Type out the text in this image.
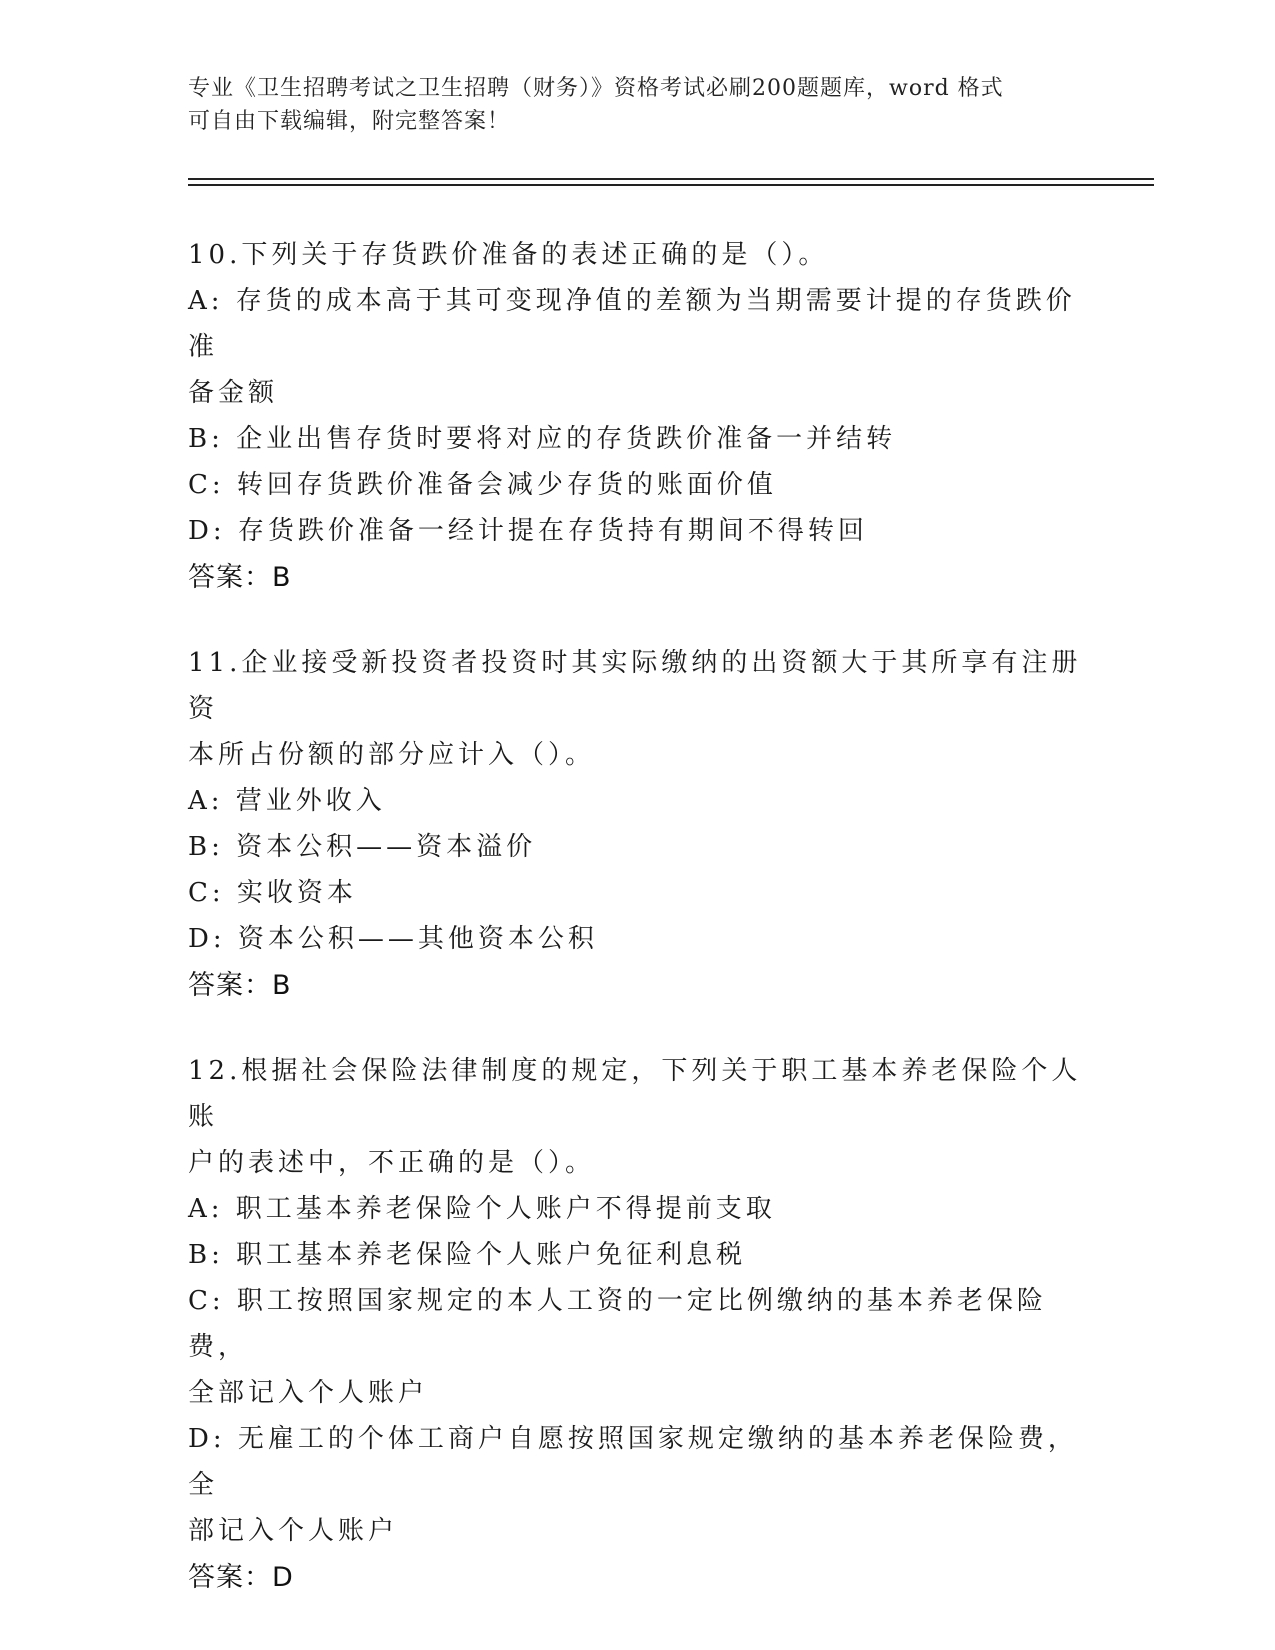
专业《卫生招聘考试之卫生招聘（财务）》资格考试必刷200题题库，word 格式
可自由下载编辑，附完整答案！

10.下列关于存货跌价准备的表述正确的是（）。

A: 存货的成本高于其可变现净值的差额为当期需要计提的存货跌价准

备金额

B: 企业出售存货时要将对应的存货跌价准备一并结转

C: 转回存货跌价准备会减少存货的账面价值

D: 存货跌价准备一经计提在存货持有期间不得转回

答案：B

11.企业接受新投资者投资时其实际缴纳的出资额大于其所享有注册资

本所占份额的部分应计入（）。

A: 营业外收入

B: 资本公积——资本溢价

C: 实收资本

D: 资本公积——其他资本公积

答案：B

12.根据社会保险法律制度的规定，下列关于职工基本养老保险个人账

户的表述中，不正确的是（）。

A: 职工基本养老保险个人账户不得提前支取

B: 职工基本养老保险个人账户免征利息税

C: 职工按照国家规定的本人工资的一定比例缴纳的基本养老保险费，

全部记入个人账户

D: 无雇工的个体工商户自愿按照国家规定缴纳的基本养老保险费，全

部记入个人账户

答案：D
